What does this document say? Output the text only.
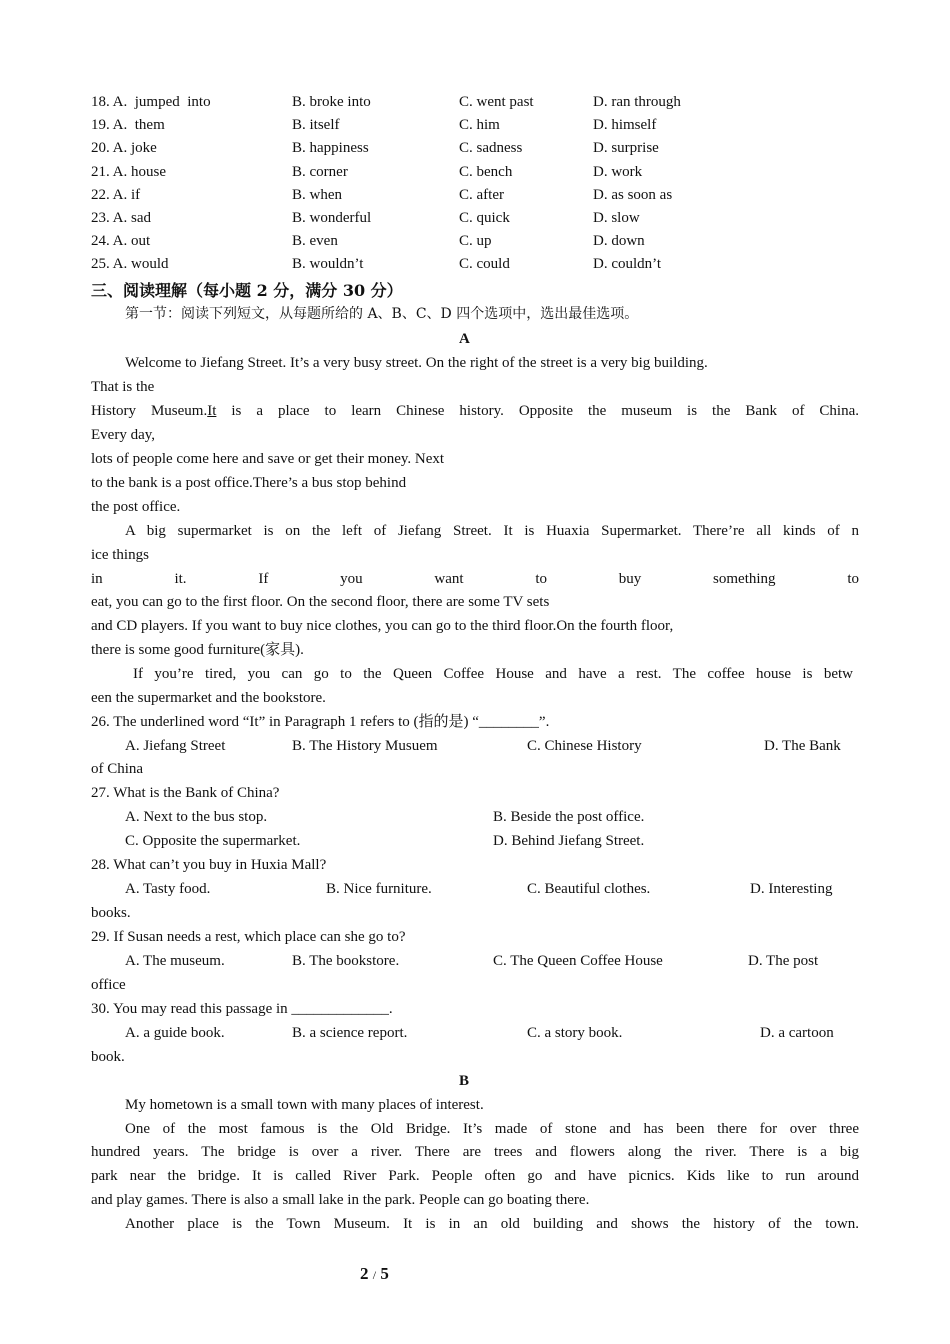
18. A.  jumped  into	B. broke into	C. went past	D. ran through
19. A.  them	B. itself	C. him	D. himself
20. A. joke	B. happiness	C. sadness	D. surprise
21. A. house	B. corner	C. bench	D. work
22. A. if	B. when	C. after	D. as soon as
23. A. sad	B. wonderful	C. quick	D. slow
24. A. out	B. even	C. up	D. down
25. A. would	B. wouldn’t	C. could	D. couldn’t
三、阅读理解（每小题 2 分，满分 30 分）
第一节：阅读下列短文，从每题所给的 A、B、C、D 四个选项中，选出最佳选项。
A
Welcome to Jiefang Street. It’s a very busy street. On the right of the street is a very big building.
That is the
History Museum.It is a place to learn Chinese history. Opposite the museum is the Bank of China.
Every day,
lots of people come here and save or get their money. Next
to the bank is a post office.There’s a bus stop behind
the post office.
A big supermarket is on the left of Jiefang Street. It is Huaxia Supermarket. There’re all kinds of n
ice things
in it. If you want to buy something to
eat, you can go to the first floor. On the second floor, there are some TV sets
and CD players. If you want to buy nice clothes, you can go to the third floor.On the fourth floor,
there is some good furniture(家具).
If you’re tired, you can go to the Queen Coffee House and have a rest. The coffee house is betw
een the supermarket and the bookstore.
26. The underlined word “It” in Paragraph 1 refers to (指的是) “________”.
A. Jiefang Street	B. The History Musuem	C. Chinese History	D. The Bank
of China
27. What is the Bank of China?
A. Next to the bus stop.	B. Beside the post office.
C. Opposite the supermarket.	D. Behind Jiefang Street.
28. What can’t you buy in Huxia Mall?
A. Tasty food.	B. Nice furniture.	C. Beautiful clothes.	D. Interesting
books.
29. If Susan needs a rest, which place can she go to?
A. The museum.	B. The bookstore.	C. The Queen Coffee House	D. The post
office
30. You may read this passage in _____________.
A. a guide book.	B. a science report.	C. a story book.	D. a cartoon
book.
B
My hometown is a small town with many places of interest.
One of the most famous is the Old Bridge. It’s made of stone and has been there for over three
hundred years. The bridge is over a river. There are trees and flowers along the river. There is a big
park near the bridge. It is called River Park. People often go and have picnics. Kids like to run around
and play games. There is also a small lake in the park. People can go boating there.
Another place is the Town Museum. It is in an old building and shows the history of the town.
2 / 5
